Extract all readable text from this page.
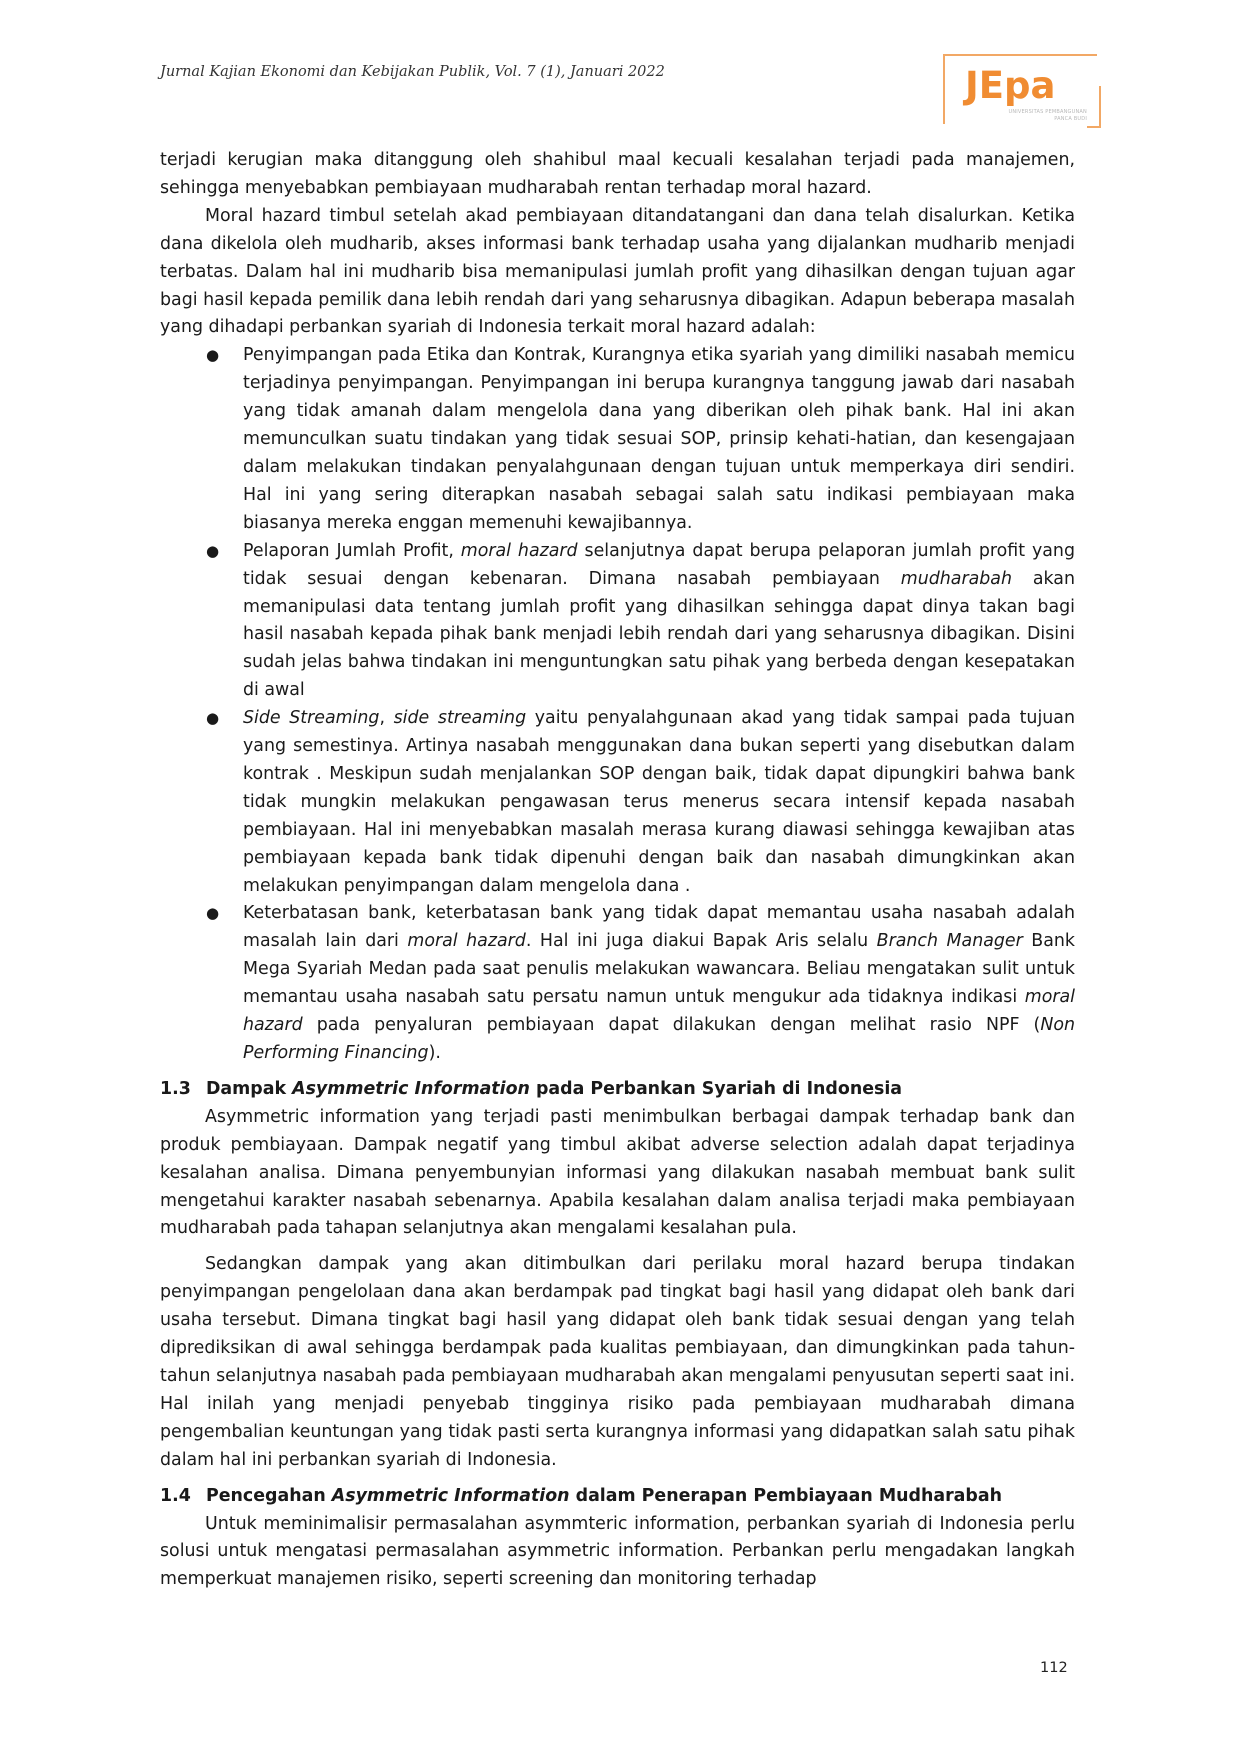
Jurnal Kajian Ekonomi dan Kebijakan Publik, Vol. 7 (1), Januari 2022	JEpa
UNIVERSITAS PEMBANGUNAN
PANCA BUDI

terjadi kerugian maka ditanggung oleh shahibul maal kecuali kesalahan terjadi pada manajemen, sehingga menyebabkan pembiayaan mudharabah rentan terhadap moral hazard.

Moral hazard timbul setelah akad pembiayaan ditandatangani dan dana telah disalurkan. Ketika dana dikelola oleh mudharib, akses informasi bank terhadap usaha yang dijalankan mudharib menjadi terbatas. Dalam hal ini mudharib bisa memanipulasi jumlah profit yang dihasilkan dengan tujuan agar bagi hasil kepada pemilik dana lebih rendah dari yang seharusnya dibagikan. Adapun beberapa masalah yang dihadapi perbankan syariah di Indonesia terkait moral hazard adalah:

● Penyimpangan pada Etika dan Kontrak, Kurangnya etika syariah yang dimiliki nasabah memicu terjadinya penyimpangan. Penyimpangan ini berupa kurangnya tanggung jawab dari nasabah yang tidak amanah dalam mengelola dana yang diberikan oleh pihak bank. Hal ini akan memunculkan suatu tindakan yang tidak sesuai SOP, prinsip kehati-hatian, dan kesengajaan dalam melakukan tindakan penyalahgunaan dengan tujuan untuk memperkaya diri sendiri. Hal ini yang sering diterapkan nasabah sebagai salah satu indikasi pembiayaan maka biasanya mereka enggan memenuhi kewajibannya.
● Pelaporan Jumlah Profit, moral hazard selanjutnya dapat berupa pelaporan jumlah profit yang tidak sesuai dengan kebenaran. Dimana nasabah pembiayaan mudharabah akan memanipulasi data tentang jumlah profit yang dihasilkan sehingga dapat dinya takan bagi hasil nasabah kepada pihak bank menjadi lebih rendah dari yang seharusnya dibagikan. Disini sudah jelas bahwa tindakan ini menguntungkan satu pihak yang berbeda dengan kesepatakan di awal
● Side Streaming, side streaming yaitu penyalahgunaan akad yang tidak sampai pada tujuan yang semestinya. Artinya nasabah menggunakan dana bukan seperti yang disebutkan dalam kontrak . Meskipun sudah menjalankan SOP dengan baik, tidak dapat dipungkiri bahwa bank tidak mungkin melakukan pengawasan terus menerus secara intensif kepada nasabah pembiayaan. Hal ini menyebabkan masalah merasa kurang diawasi sehingga kewajiban atas pembiayaan kepada bank tidak dipenuhi dengan baik dan nasabah dimungkinkan akan melakukan penyimpangan dalam mengelola dana .
● Keterbatasan bank, keterbatasan bank yang tidak dapat memantau usaha nasabah adalah masalah lain dari moral hazard. Hal ini juga diakui Bapak Aris selalu Branch Manager Bank Mega Syariah Medan pada saat penulis melakukan wawancara. Beliau mengatakan sulit untuk memantau usaha nasabah satu persatu namun untuk mengukur ada tidaknya indikasi moral hazard pada penyaluran pembiayaan dapat dilakukan dengan melihat rasio NPF (Non Performing Financing).
1.3 Dampak Asymmetric Information pada Perbankan Syariah di Indonesia

Asymmetric information yang terjadi pasti menimbulkan berbagai dampak terhadap bank dan produk pembiayaan. Dampak negatif yang timbul akibat adverse selection adalah dapat terjadinya kesalahan analisa. Dimana penyembunyian informasi yang dilakukan nasabah membuat bank sulit mengetahui karakter nasabah sebenarnya. Apabila kesalahan dalam analisa terjadi maka pembiayaan mudharabah pada tahapan selanjutnya akan mengalami kesalahan pula.

Sedangkan dampak yang akan ditimbulkan dari perilaku moral hazard berupa tindakan penyimpangan pengelolaan dana akan berdampak pad tingkat bagi hasil yang didapat oleh bank dari usaha tersebut. Dimana tingkat bagi hasil yang didapat oleh bank tidak sesuai dengan yang telah diprediksikan di awal sehingga berdampak pada kualitas pembiayaan, dan dimungkinkan pada tahun-tahun selanjutnya nasabah pada pembiayaan mudharabah akan mengalami penyusutan seperti saat ini. Hal inilah yang menjadi penyebab tingginya risiko pada pembiayaan mudharabah dimana pengembalian keuntungan yang tidak pasti serta kurangnya informasi yang didapatkan salah satu pihak dalam hal ini perbankan syariah di Indonesia.

1.4 Pencegahan Asymmetric Information dalam Penerapan Pembiayaan Mudharabah

Untuk meminimalisir permasalahan asymmteric information, perbankan syariah di Indonesia perlu solusi untuk mengatasi permasalahan asymmetric information. Perbankan perlu mengadakan langkah memperkuat manajemen risiko, seperti screening dan monitoring terhadap

112
